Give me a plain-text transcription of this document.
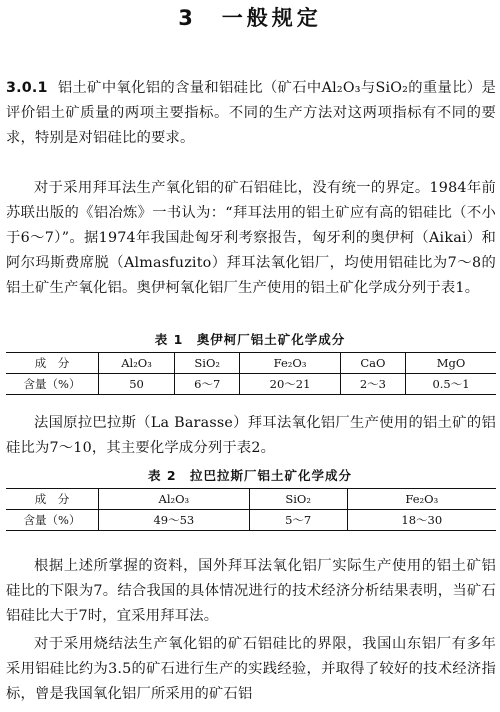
3　一般规定
3.0.1 铝土矿中氧化铝的含量和铝硅比（矿石中Al₂O₃与SiO₂的重量比）是评价铝土矿质量的两项主要指标。不同的生产方法对这两项指标有不同的要求，特别是对铝硅比的要求。
对于采用拜耳法生产氧化铝的矿石铝硅比，没有统一的界定。1984年前苏联出版的《铝冶炼》一书认为：“拜耳法用的铝土矿应有高的铝硅比（不小于6～7）”。据1974年我国赴匈牙利考察报告，匈牙利的奥伊柯（Aikai）和阿尔玛斯费席脱（Almasfuzito）拜耳法氧化铝厂，均使用铝硅比为7～8的铝土矿生产氧化铝。奥伊柯氧化铝厂生产使用的铝土矿化学成分列于表1。
表 1　奥伊柯厂铝土矿化学成分
成　分	Al₂O₃	SiO₂	Fe₂O₃	CaO	MgO
含量（%）	50	6～7	20～21	2～3	0.5～1
法国原拉巴拉斯（La Barasse）拜耳法氧化铝厂生产使用的铝土矿的铝硅比为7～10，其主要化学成分列于表2。
表 2　拉巴拉斯厂铝土矿化学成分
成　分	Al₂O₃	SiO₂	Fe₂O₃
含量（%）	49～53	5～7	18～30
根据上述所掌握的资料，国外拜耳法氧化铝厂实际生产使用的铝土矿铝硅比的下限为7。结合我国的具体情况进行的技术经济分析结果表明，当矿石铝硅比大于7时，宜采用拜耳法。
对于采用烧结法生产氧化铝的矿石铝硅比的界限，我国山东铝厂有多年采用铝硅比约为3.5的矿石进行生产的实践经验，并取得了较好的技术经济指标，曾是我国氧化铝厂所采用的矿石铝
